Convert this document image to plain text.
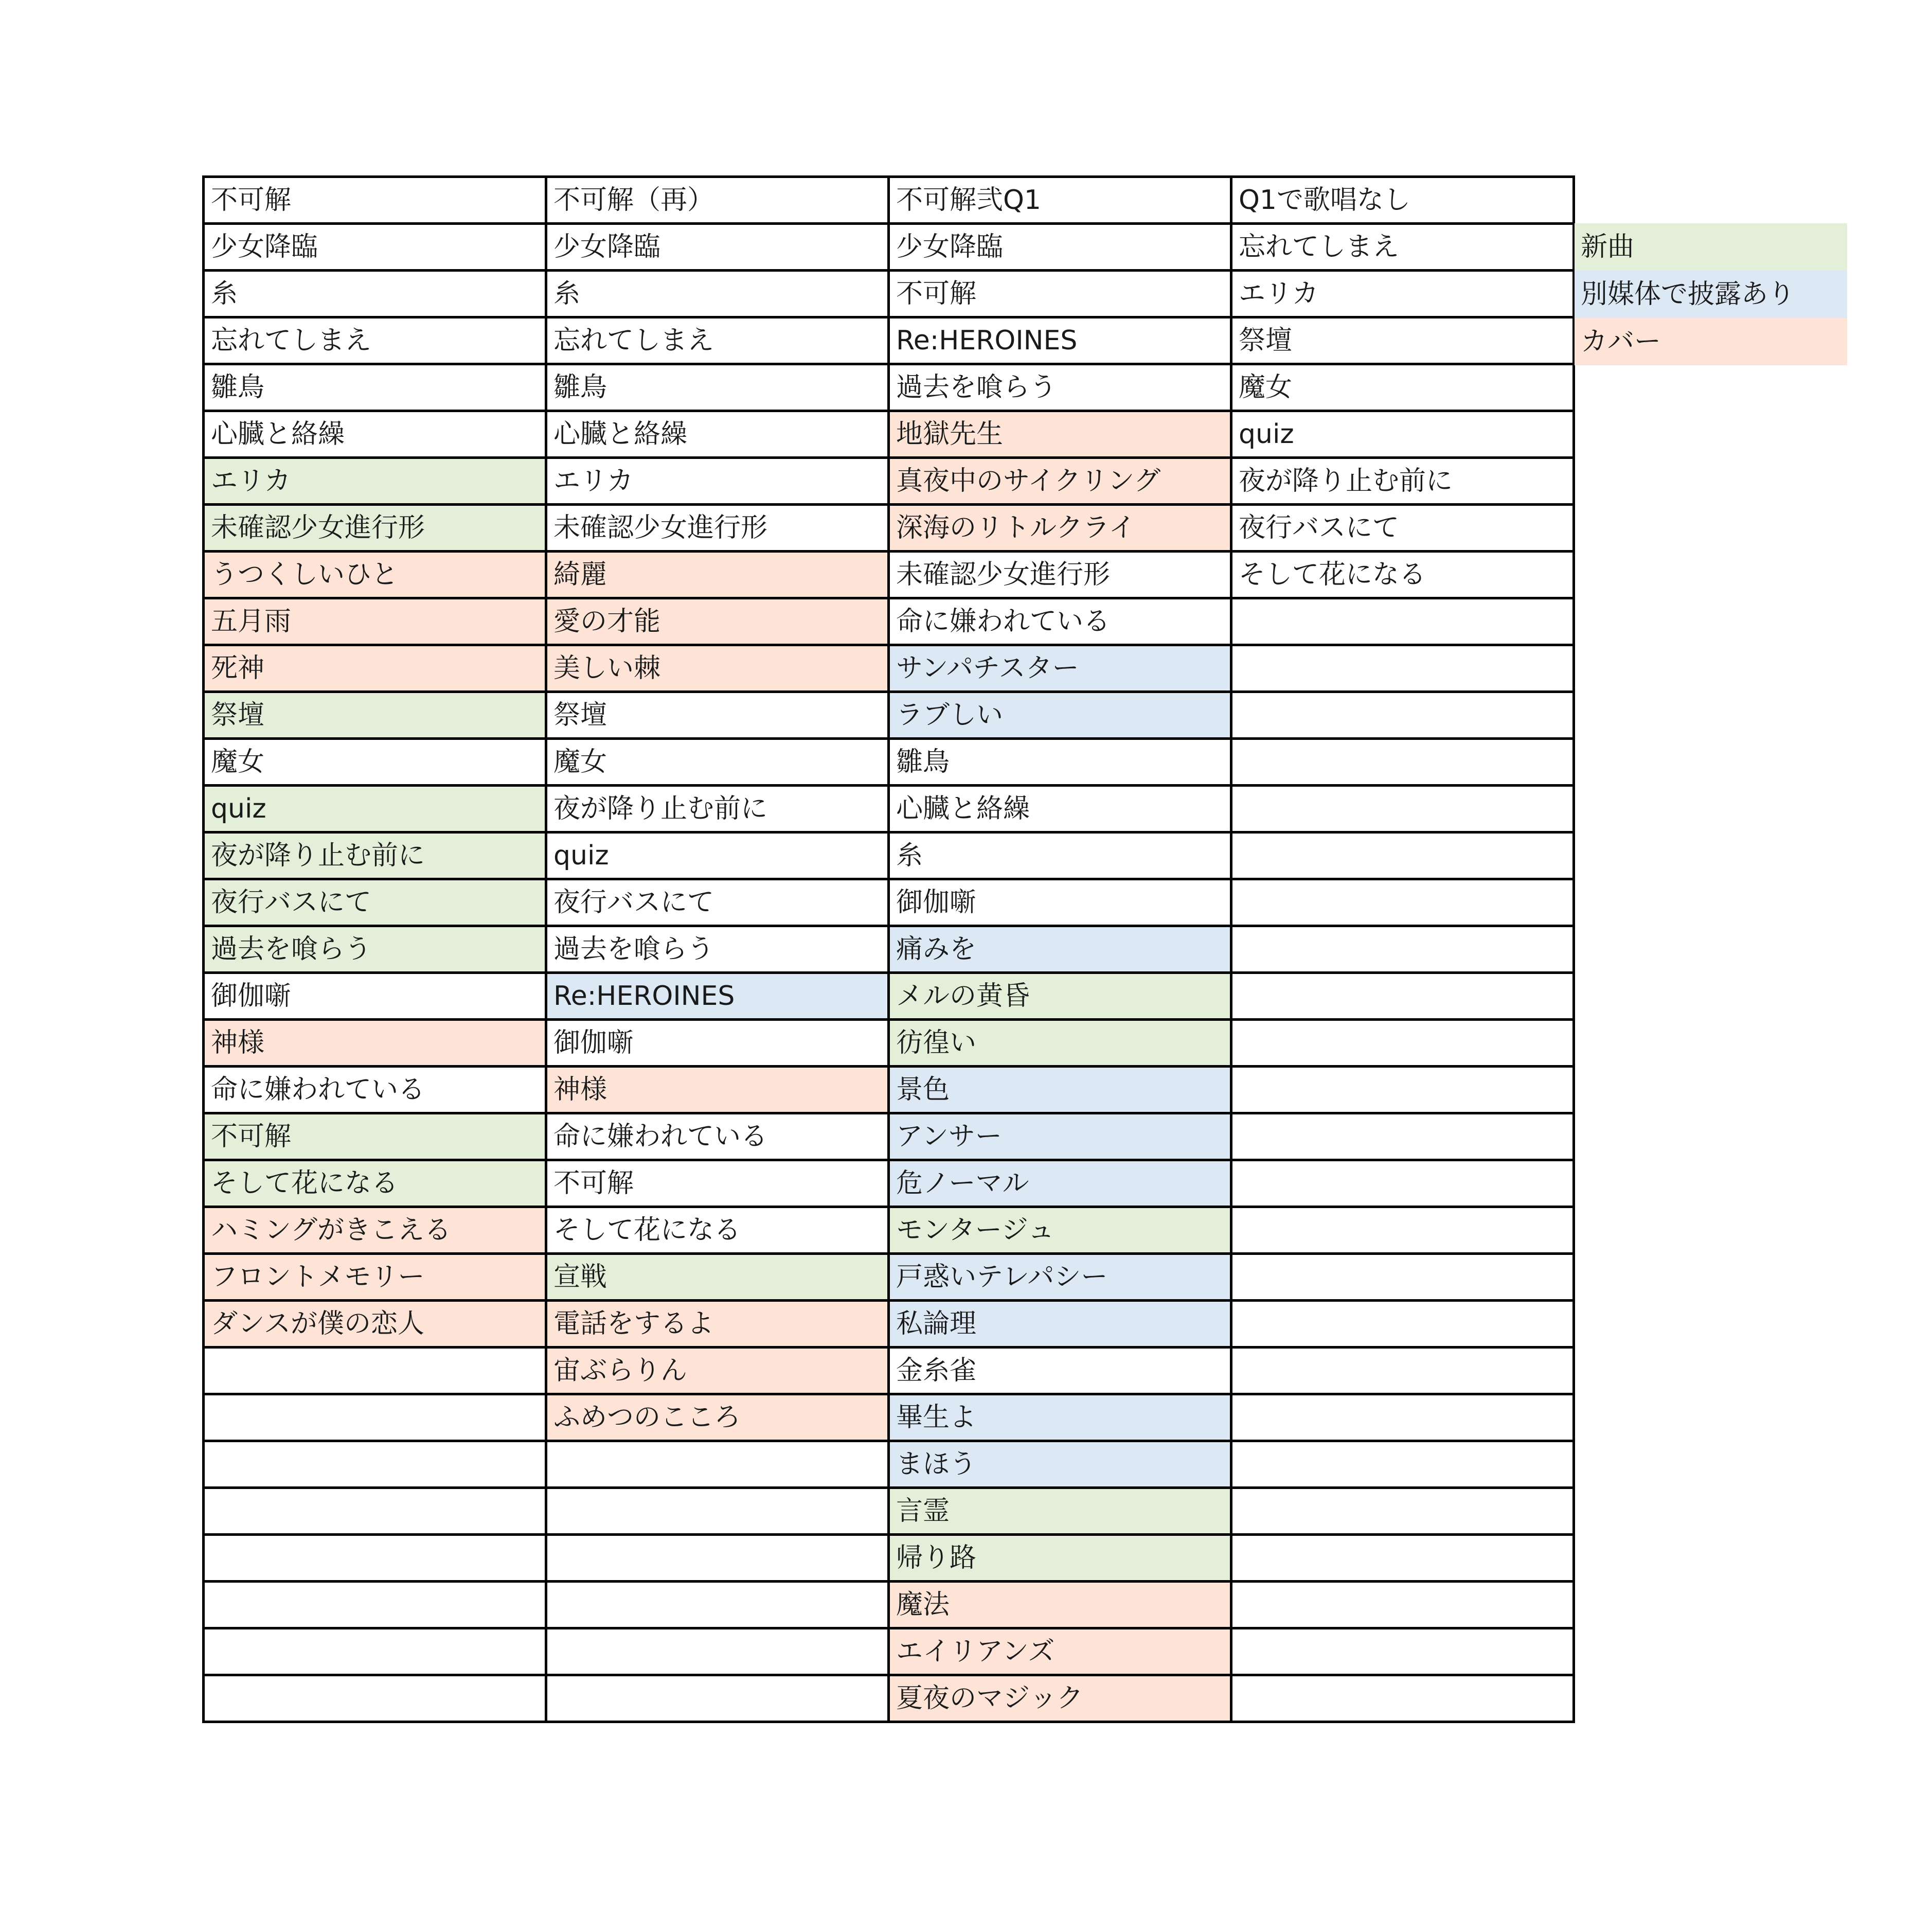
不可解	不可解（再）	不可解弐Q1	Q1で歌唱なし
少女降臨	少女降臨	少女降臨	忘れてしまえ
糸	糸	不可解	エリカ
忘れてしまえ	忘れてしまえ	Re:HEROINES	祭壇
雛鳥	雛鳥	過去を喰らう	魔女
心臓と絡繰	心臓と絡繰	地獄先生	quiz
エリカ	エリカ	真夜中のサイクリング	夜が降り止む前に
未確認少女進行形	未確認少女進行形	深海のリトルクライ	夜行バスにて
うつくしいひと	綺麗	未確認少女進行形	そして花になる
五月雨	愛の才能	命に嫌われている	
死神	美しい棘	サンパチスター	
祭壇	祭壇	ラブしい	
魔女	魔女	雛鳥	
quiz	夜が降り止む前に	心臓と絡繰	
夜が降り止む前に	quiz	糸	
夜行バスにて	夜行バスにて	御伽噺	
過去を喰らう	過去を喰らう	痛みを	
御伽噺	Re:HEROINES	メルの黄昏	
神様	御伽噺	彷徨い	
命に嫌われている	神様	景色	
不可解	命に嫌われている	アンサー	
そして花になる	不可解	危ノーマル	
ハミングがきこえる	そして花になる	モンタージュ	
フロントメモリー	宣戦	戸惑いテレパシー	
ダンスが僕の恋人	電話をするよ	私論理	
	宙ぶらりん	金糸雀	
	ふめつのこころ	畢生よ	
		まほう	
		言霊	
		帰り路	
		魔法	
		エイリアンズ	
		夏夜のマジック	
新曲
別媒体で披露あり
カバー
